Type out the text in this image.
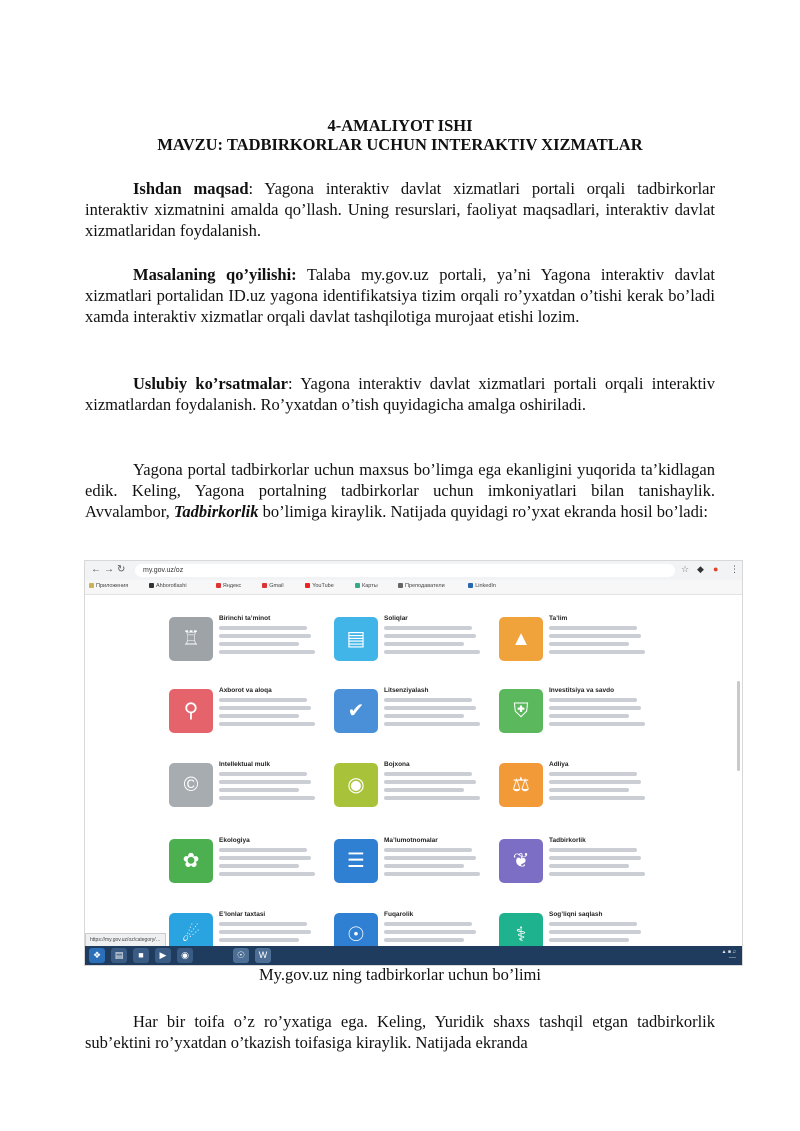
4-AMALIYOT ISHI
MAVZU: TADBIRKORLAR UCHUN INTERAKTIV XIZMATLAR
Ishdan maqsad: Yagona interaktiv davlat xizmatlari portali orqali tadbirkorlar interaktiv xizmatnini amalda qo’llash. Uning resurslari, faoliyat maqsadlari, interaktiv davlat xizmatlaridan foydalanish.
Masalaning qo’yilishi: Talaba my.gov.uz portali, ya’ni Yagona interaktiv davlat xizmatlari portalidan ID.uz yagona identifikatsiya tizim orqali ro’yxatdan o’tishi kerak bo’ladi xamda interaktiv xizmatlar orqali davlat tashqilotiga murojaat etishi lozim.
Uslubiy ko’rsatmalar: Yagona interaktiv davlat xizmatlari portali orqali interaktiv xizmatlardan foydalanish. Ro’yxatdan o’tish quyidagicha amalga oshiriladi.
Yagona portal tadbirkorlar uchun maxsus bo’limga ega ekanligini yuqorida ta’kidlagan edik. Keling, Yagona portalning tadbirkorlar uchun imkoniyatlari bilan tanishaylik. Avvalambor, Tadbirkorlik bo’limiga kiraylik. Natijada quyidagi ro’yxat ekranda hosil bo’ladi:
← → ↻	my.gov.uz/oz	☆ ◆ ● ⋮
Приложения	Ahborotlashi	Яндекс	Gmail	YouTube	Карты	Преподаватели	LinkedIn
♖
Birinchi ta’minot
▤
Soliqlar
▲
Ta’lim
⚲
Axborot va aloqa
✔
Litsenziyalash
⛨
Investitsiya va savdo
©
Intellektual mulk
◉
Bojxona
⚖
Adliya
✿
Ekologiya
☰
Ma’lumotnomalar
❦
Tadbirkorlik
☄
E’lonlar taxtasi
☉
Fuqarolik
⚕
Sog’liqni saqlash
https://my.gov.uz/oz/category/…
❖	▤	■	▶	◉	☉	W	▲ ■ ♫
──
My.gov.uz ning tadbirkorlar uchun bo’limi
Har bir toifa o’z ro’yxatiga ega. Keling, Yuridik shaxs tashqil etgan tadbirkorlik sub’ektini ro’yxatdan o’tkazish toifasiga kiraylik. Natijada ekranda
